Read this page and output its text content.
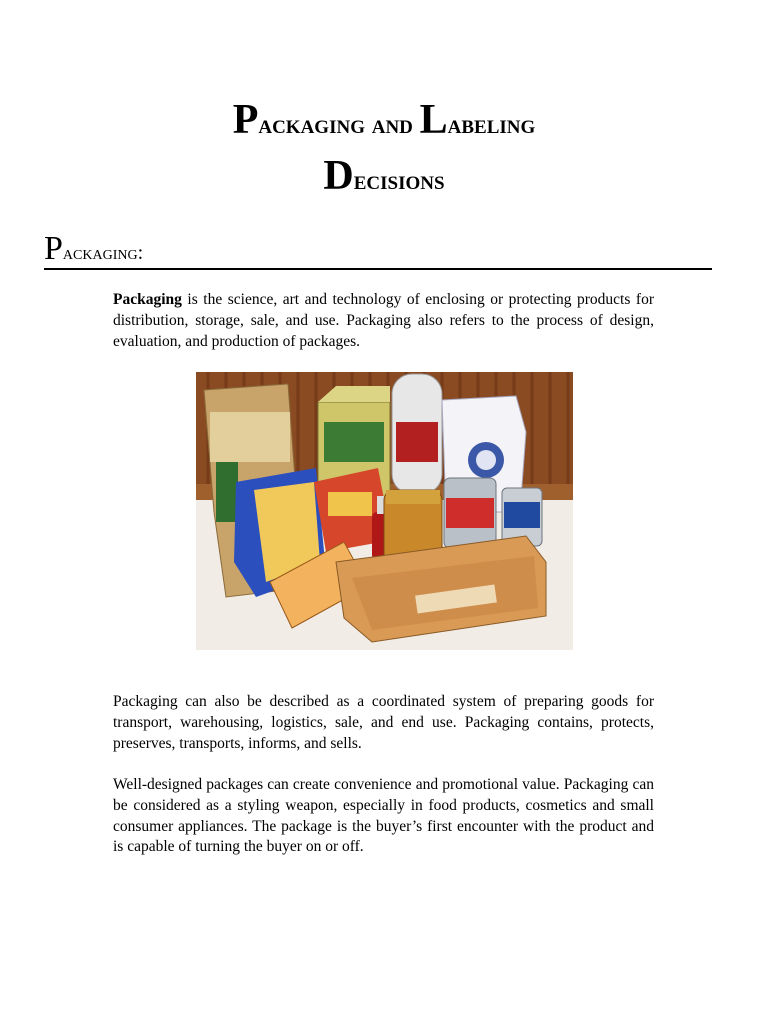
Packaging and Labeling
Decisions
Packaging:

Packaging is the science, art and technology of enclosing or protecting products for distribution, storage, sale, and use. Packaging also refers to the process of design, evaluation, and production of packages.

Packaging can also be described as a coordinated system of preparing goods for transport, warehousing, logistics, sale, and end use. Packaging contains, protects, preserves, transports, informs, and sells.

Well-designed packages can create convenience and promotional value. Packaging can be considered as a styling weapon, especially in food products, cosmetics and small consumer appliances. The package is the buyer’s first encounter with the product and is capable of turning the buyer on or off.
